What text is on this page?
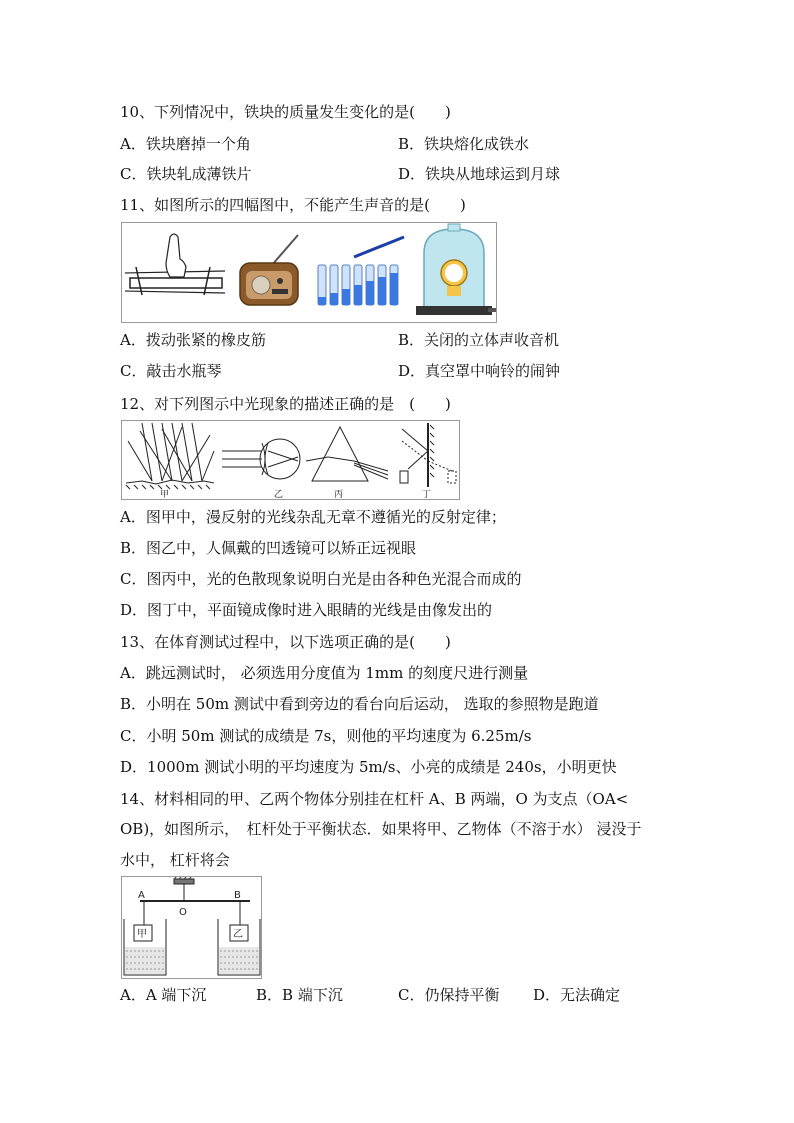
10、下列情况中，铁块的质量发生变化的是(　　)
A．铁块磨掉一个角	B．铁块熔化成铁水
C．铁块轧成薄铁片	D．铁块从地球运到月球
11、如图所示的四幅图中，不能产生声音的是(　　)
A．拨动张紧的橡皮筋	B．关闭的立体声收音机
C．敲击水瓶琴	D．真空罩中响铃的闹钟
12、对下列图示中光现象的描述正确的是　(　　)
甲	乙	丙	丁
A．图甲中，漫反射的光线杂乱无章不遵循光的反射定律；
B．图乙中，人佩戴的凹透镜可以矫正远视眼
C．图丙中，光的色散现象说明白光是由各种色光混合而成的
D．图丁中，平面镜成像时进入眼睛的光线是由像发出的
13、在体育测试过程中，以下选项正确的是(　　)
A．跳远测试时， 必须选用分度值为 1mm 的刻度尺进行测量
B．小明在 50m 测试中看到旁边的看台向后运动， 选取的参照物是跑道
C．小明 50m 测试的成绩是 7s，则他的平均速度为 6.25m/s
D．1000m 测试小明的平均速度为 5m/s、小亮的成绩是 240s，小明更快
14、材料相同的甲、乙两个物体分别挂在杠杆 A、B 两端，O 为支点（OA<
OB)，如图所示，　杠杆处于平衡状态．如果将甲、乙物体（不溶于水） 浸没于
水中， 杠杆将会
A	B
O
甲	乙
A．A 端下沉	B．B 端下沉	C．仍保持平衡 D．无法确定
